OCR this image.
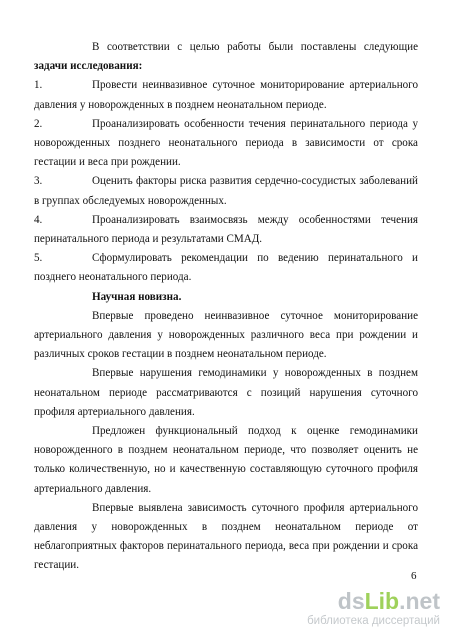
В соответствии с целью работы были поставлены следующие задачи исследования:

1.	Провести неинвазивное суточное мониторирование артериального давления у новорожденных в позднем неонатальном периоде.

2.	Проанализировать особенности течения перинатального периода у новорожденных позднего неонатального периода в зависимости от срока гестации и веса при рождении.

3.	Оценить факторы риска развития сердечно-сосудистых заболеваний в группах обследуемых новорожденных.

4.	Проанализировать взаимосвязь между особенностями течения перинатального периода и результатами СМАД.

5.	Сформулировать рекомендации по ведению перинатального и позднего неонатального периода.

Научная новизна.

Впервые проведено неинвазивное суточное мониторирование артериального давления у новорожденных различного веса при рождении и различных сроков гестации в позднем неонатальном периоде.

Впервые нарушения гемодинамики у новорожденных в позднем неонатальном периоде рассматриваются с позиций нарушения суточного профиля артериального давления.

Предложен функциональный подход к оценке гемодинамики новорожденного в позднем неонатальном периоде, что позволяет оценить не только количественную, но и качественную составляющую суточного профиля артериального давления.

Впервые выявлена зависимость суточного профиля артериального давления у новорожденных в позднем неонатальном периоде от неблагоприятных факторов перинатального периода, веса при рождении и срока гестации.

6
dsLib.net
библиотека диссертаций
